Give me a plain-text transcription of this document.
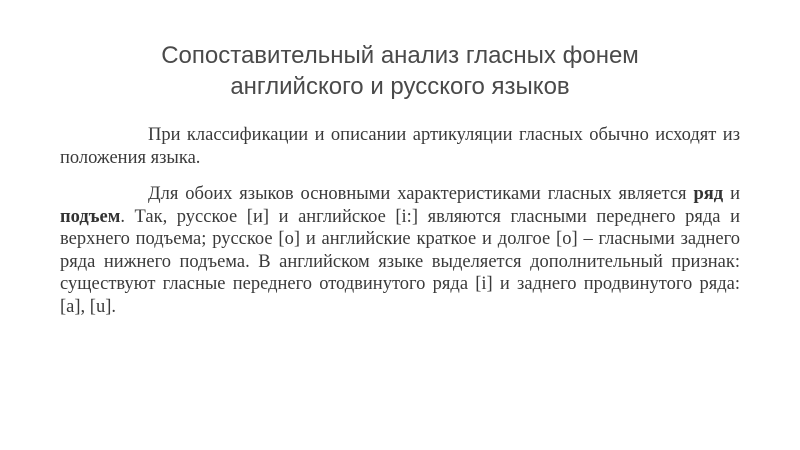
Сопоставительный анализ гласных фонем
английского и русского языков

При классификации и описании артикуляции гласных обычно исходят из положения языка.

Для обоих языков основными характеристиками гласных является ряд и подъем. Так, русское [и] и английское [i:] являются гласными переднего ряда и верхнего подъема; русское [о] и английские краткое и долгое [о] – гласными заднего ряда нижнего подъема. В английском языке выделяется дополнительный признак: существуют гласные переднего отодвинутого ряда [i] и заднего продвинутого ряда: [а], [u].
